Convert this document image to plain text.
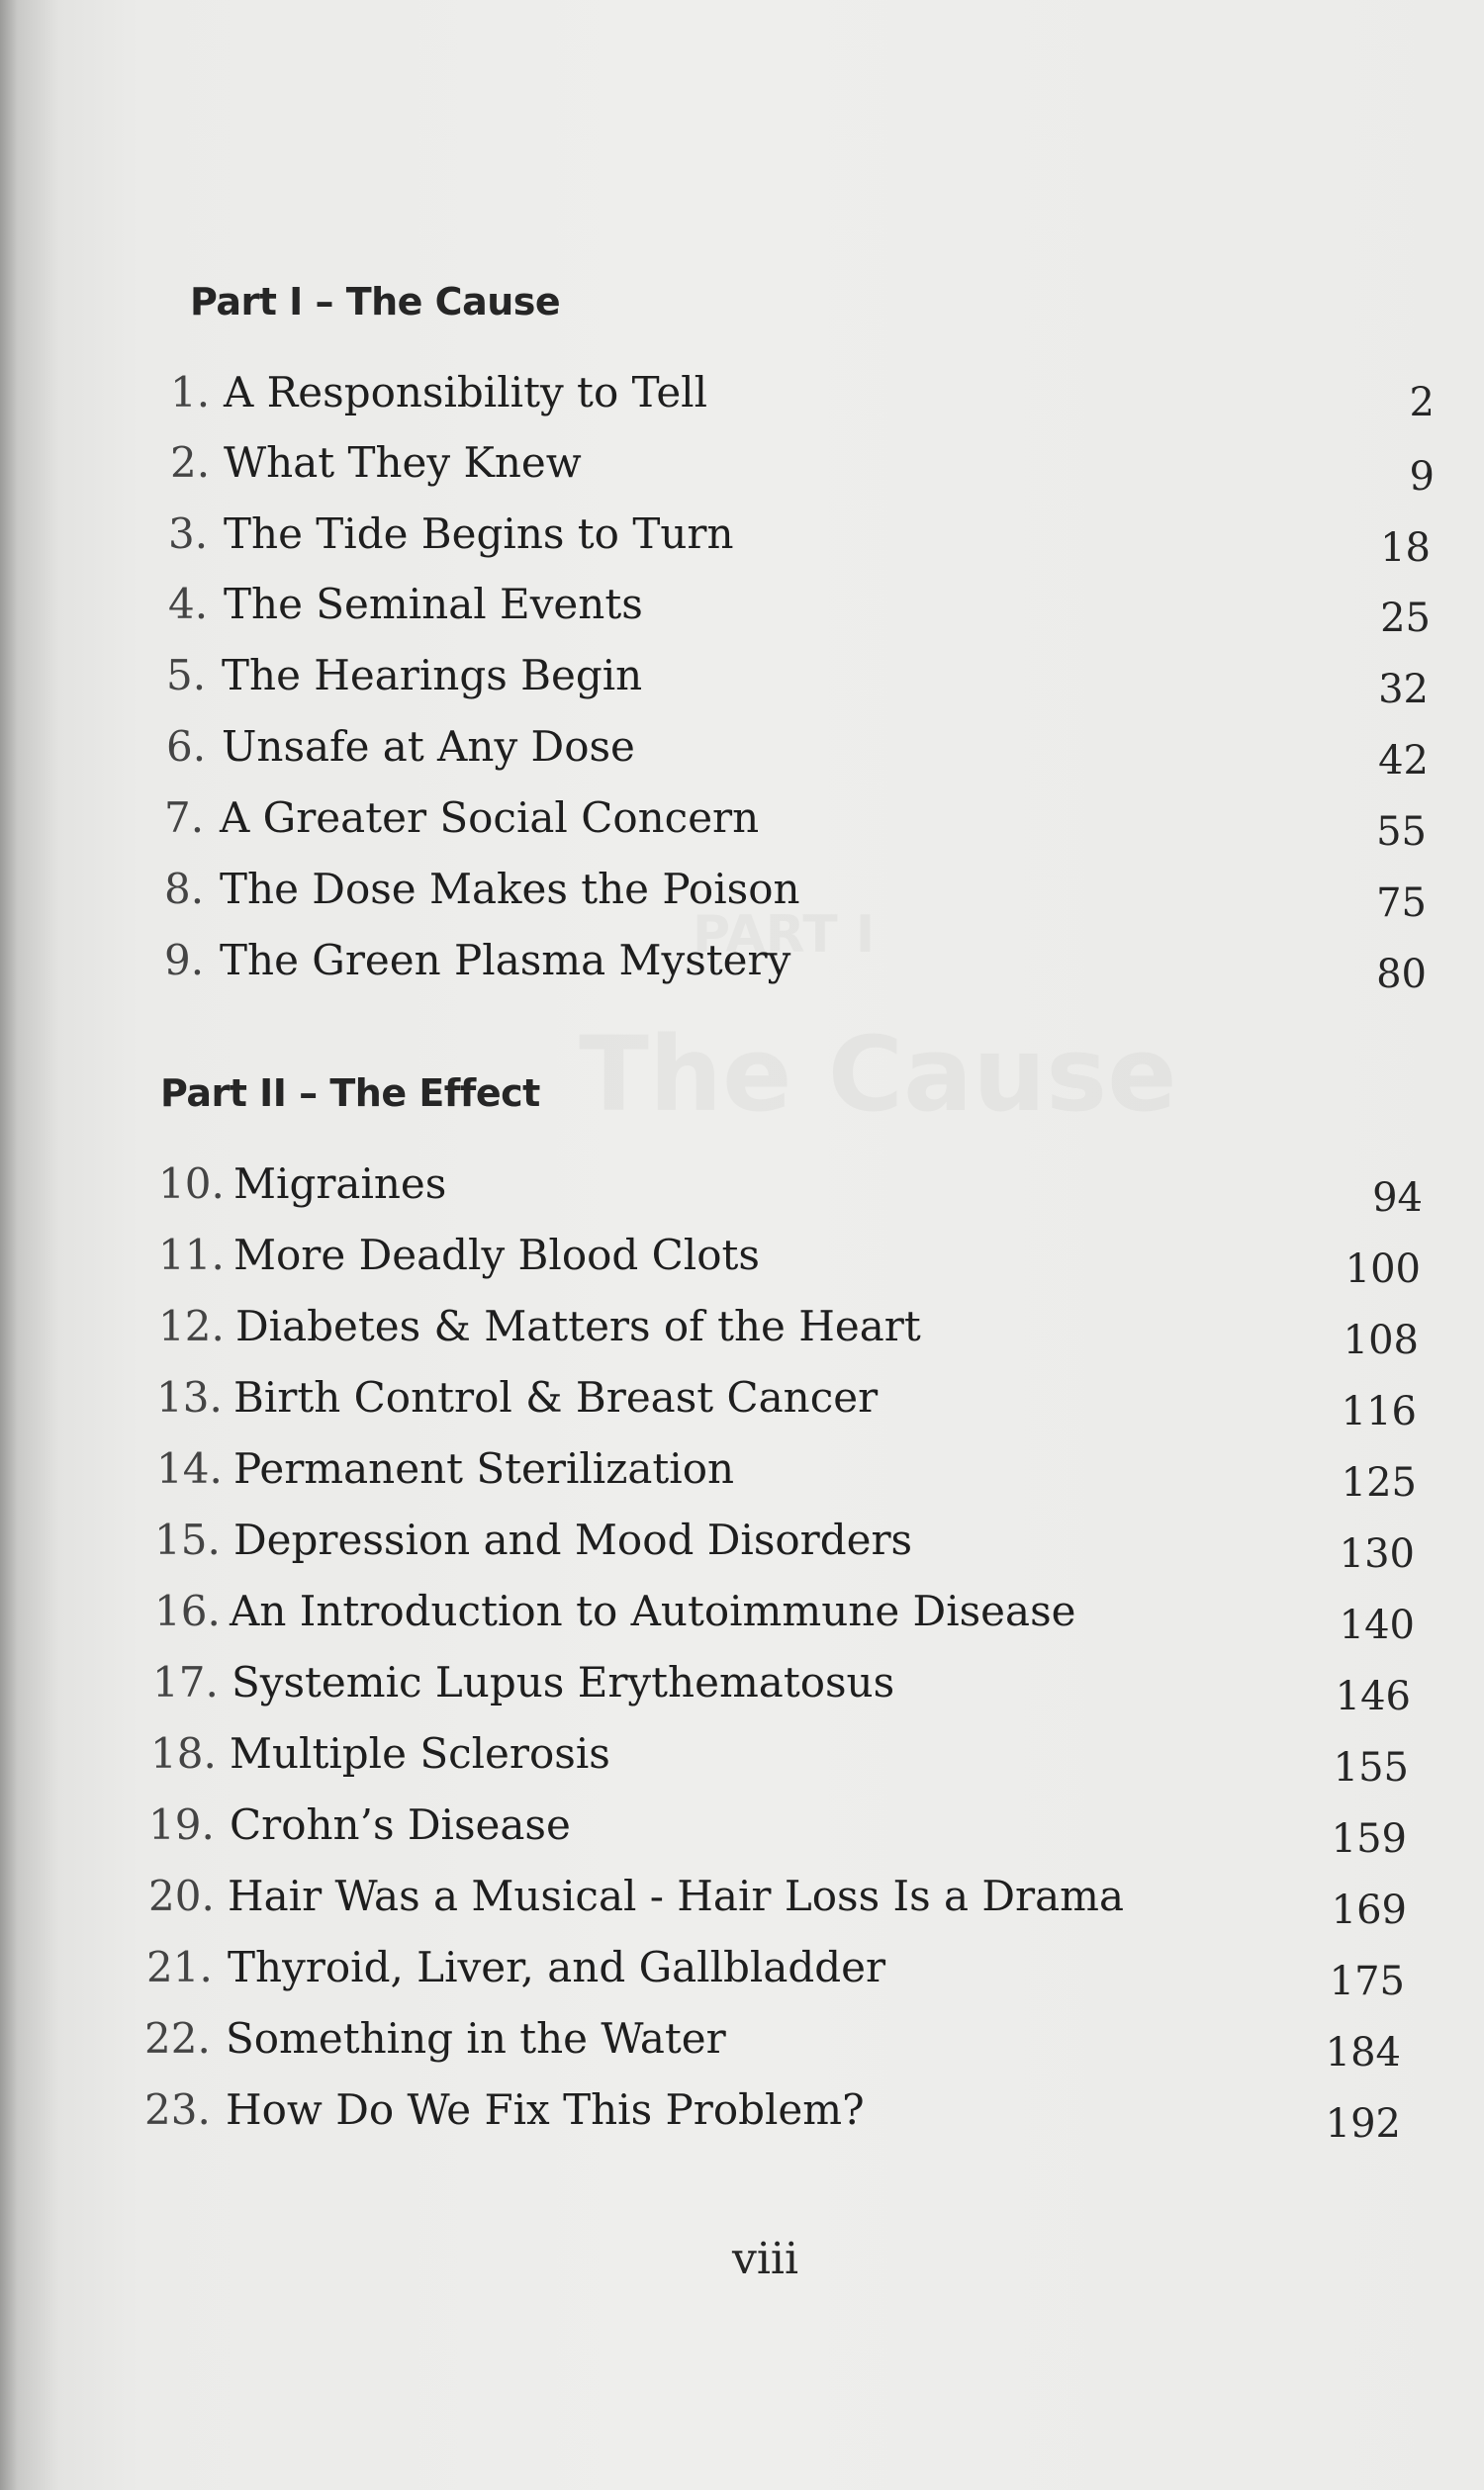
Part I – The Cause
1. A Responsibility to Tell	2
2. What They Knew	9
3. The Tide Begins to Turn	18
4. The Seminal Events	25
5. The Hearings Begin	32
6. Unsafe at Any Dose	42
7. A Greater Social Concern	55
8. The Dose Makes the Poison	75
9. The Green Plasma Mystery	80
Part II – The Effect
10. Migraines	94
11. More Deadly Blood Clots	100
12. Diabetes & Matters of the Heart	108
13. Birth Control & Breast Cancer	116
14. Permanent Sterilization	125
15. Depression and Mood Disorders	130
16. An Introduction to Autoimmune Disease	140
17. Systemic Lupus Erythematosus	146
18. Multiple Sclerosis	155
19. Crohn’s Disease	159
20. Hair Was a Musical - Hair Loss Is a Drama	169
21. Thyroid, Liver, and Gallbladder	175
22. Something in the Water	184
23. How Do We Fix This Problem?	192
viii
